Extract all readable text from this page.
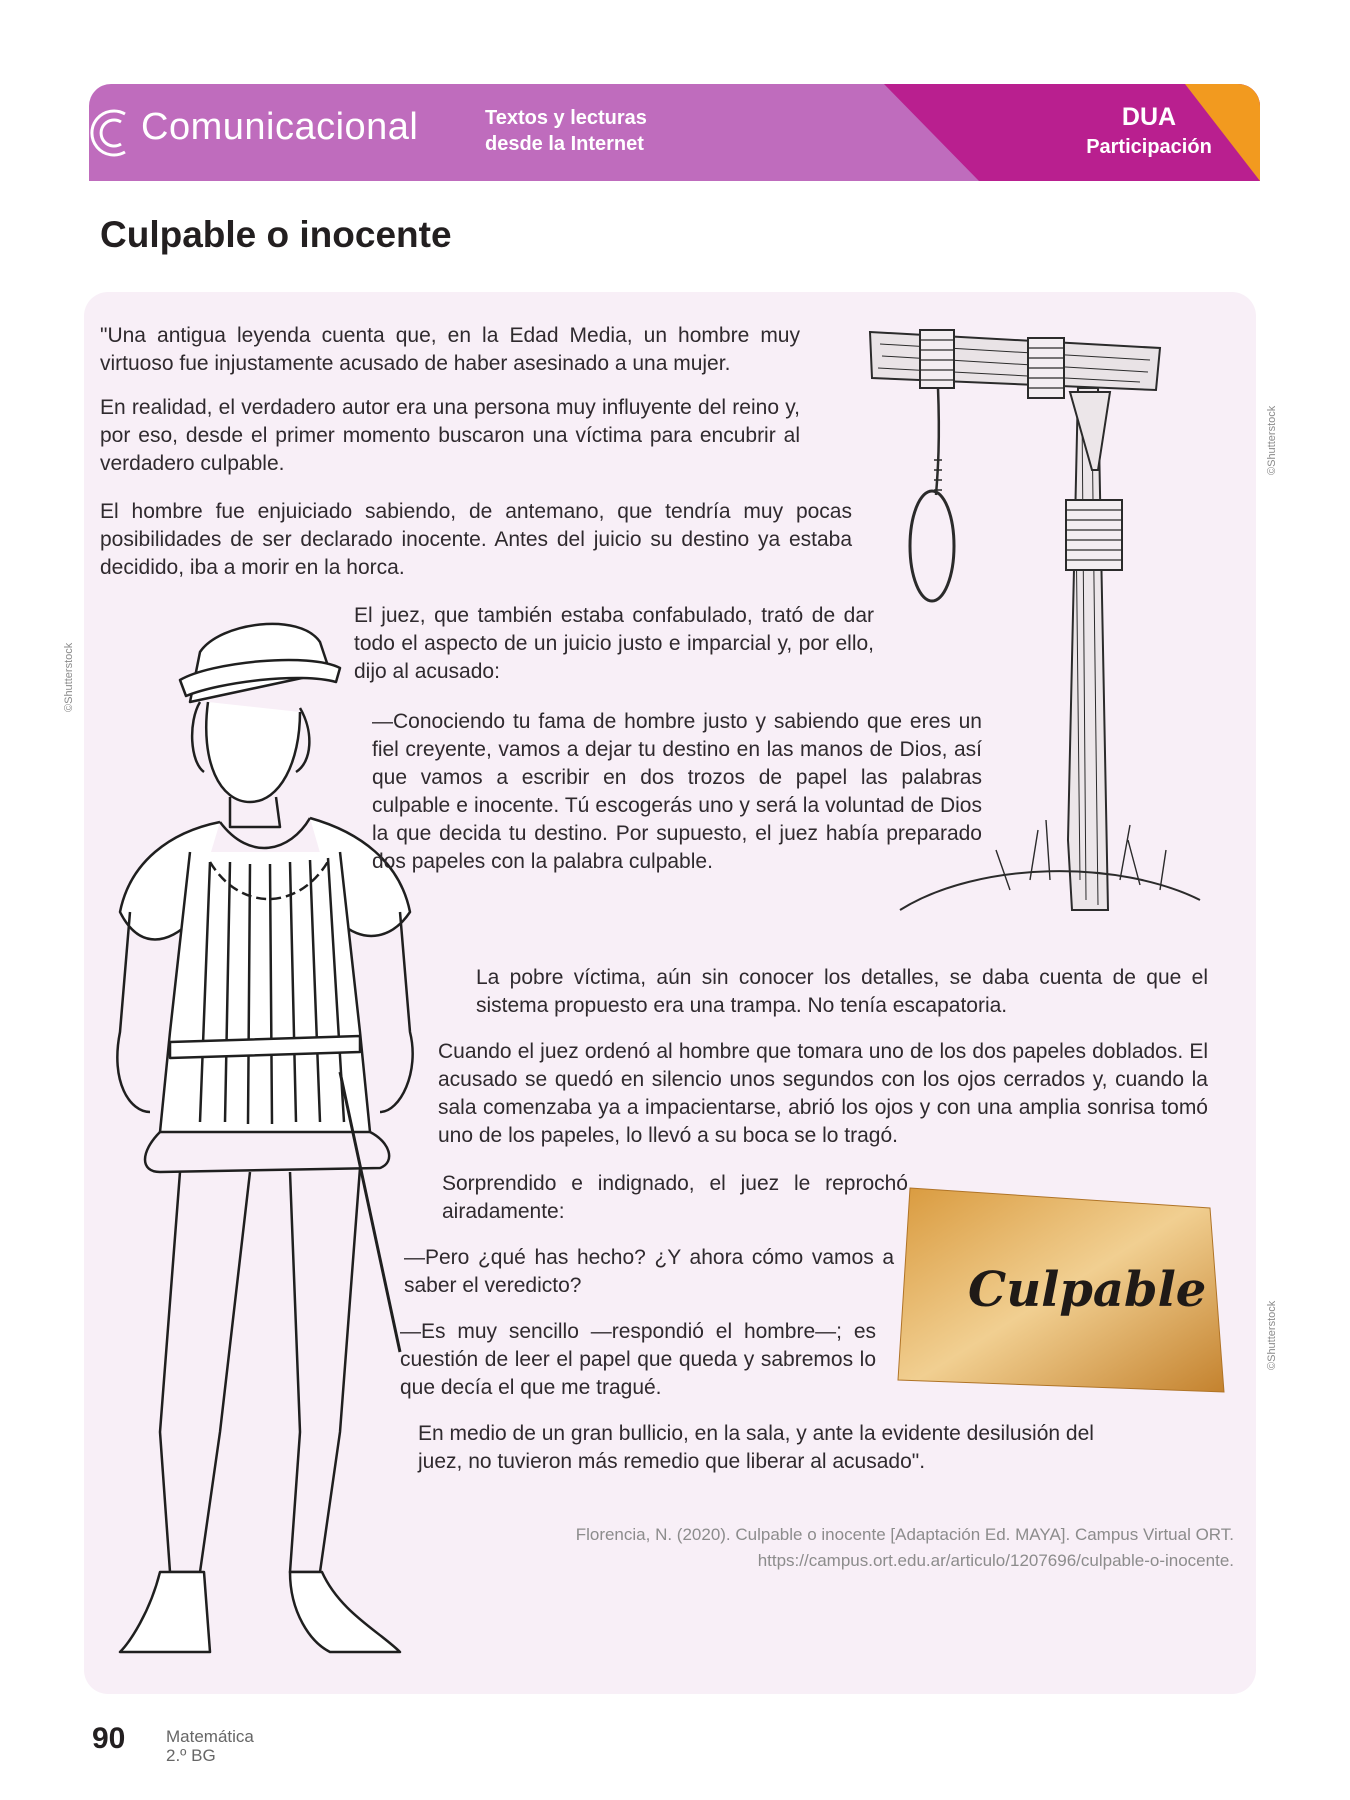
Comunicacional	Textos y lecturas
desde la Internet
DUA
Participación
Culpable o inocente
©Shutterstock
©Shutterstock
Culpable
©Shutterstock
"Una antigua leyenda cuenta que, en la Edad Media, un hombre muy virtuoso fue injustamente acusado de haber asesinado a una mujer.
En realidad, el verdadero autor era una persona muy influyente del reino y, por eso, desde el primer momento buscaron una víctima para encubrir al verdadero culpable.
El hombre fue enjuiciado sabiendo, de antemano, que tendría muy pocas posibilidades de ser declarado inocente. Antes del juicio su destino ya estaba decidido, iba a morir en la horca.
El juez, que también estaba confabulado, trató de dar todo el aspecto de un juicio justo e imparcial y, por ello, dijo al acusado:
—Conociendo tu fama de hombre justo y sabiendo que eres un fiel creyente, vamos a dejar tu destino en las manos de Dios, así que vamos a escribir en dos trozos de papel las palabras culpable e inocente. Tú escogerás uno y será la voluntad de Dios la que decida tu destino. Por supuesto, el juez había preparado dos papeles con la palabra culpable.
La pobre víctima, aún sin conocer los detalles, se daba cuenta de que el sistema propuesto era una trampa. No tenía escapatoria.
Cuando el juez ordenó al hombre que tomara uno de los dos papeles doblados. El acusado se quedó en silencio unos segundos con los ojos cerrados y, cuando la sala comenzaba ya a impacientarse, abrió los ojos y con una amplia sonrisa tomó uno de los papeles, lo llevó a su boca se lo tragó.
Sorprendido e indignado, el juez le reprochó airadamente:
—Pero ¿qué has hecho? ¿Y ahora cómo vamos a saber el veredicto?
—Es muy sencillo —respondió el hombre—; es cuestión de leer el papel que queda y sabremos lo que decía el que me tragué.
En medio de un gran bullicio, en la sala, y ante la evidente desilusión del juez, no tuvieron más remedio que liberar al acusado".
Florencia, N. (2020). Culpable o inocente [Adaptación Ed. MAYA]. Campus Virtual ORT.
https://campus.ort.edu.ar/articulo/1207696/culpable-o-inocente.
90 Matemática
2.º BG
